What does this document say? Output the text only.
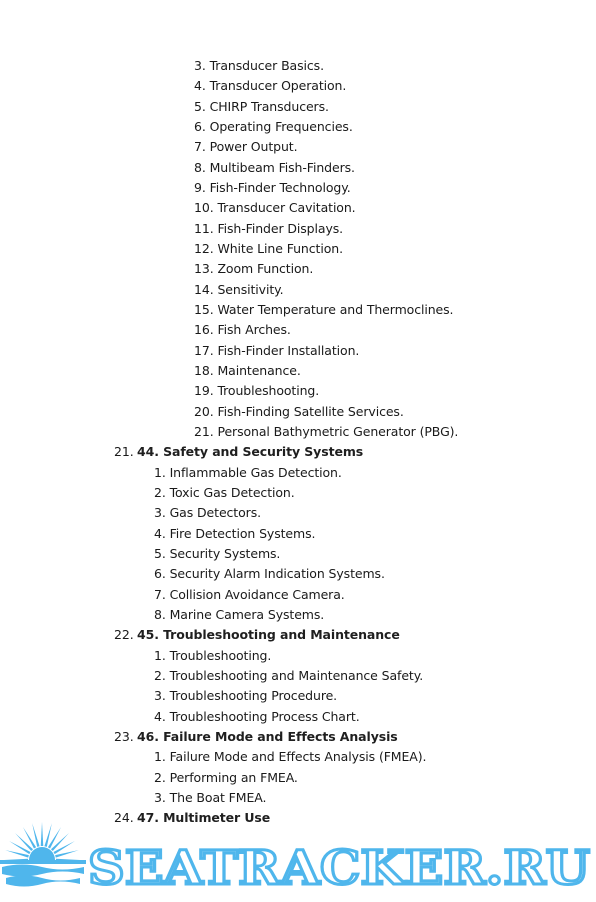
3. Transducer Basics.
4. Transducer Operation.
5. CHIRP Transducers.
6. Operating Frequencies.
7. Power Output.
8. Multibeam Fish-Finders.
9. Fish-Finder Technology.
10. Transducer Cavitation.
11. Fish-Finder Displays.
12. White Line Function.
13. Zoom Function.
14. Sensitivity.
15. Water Temperature and Thermoclines.
16. Fish Arches.
17. Fish-Finder Installation.
18. Maintenance.
19. Troubleshooting.
20. Fish-Finding Satellite Services.
21. Personal Bathymetric Generator (PBG).
21. 44. Safety and Security Systems
1. Inflammable Gas Detection.
2. Toxic Gas Detection.
3. Gas Detectors.
4. Fire Detection Systems.
5. Security Systems.
6. Security Alarm Indication Systems.
7. Collision Avoidance Camera.
8. Marine Camera Systems.
22. 45. Troubleshooting and Maintenance
1. Troubleshooting.
2. Troubleshooting and Maintenance Safety.
3. Troubleshooting Procedure.
4. Troubleshooting Process Chart.
23. 46. Failure Mode and Effects Analysis
1. Failure Mode and Effects Analysis (FMEA).
2. Performing an FMEA.
3. The Boat FMEA.
24. 47. Multimeter Use
SEATRACKER.RU
